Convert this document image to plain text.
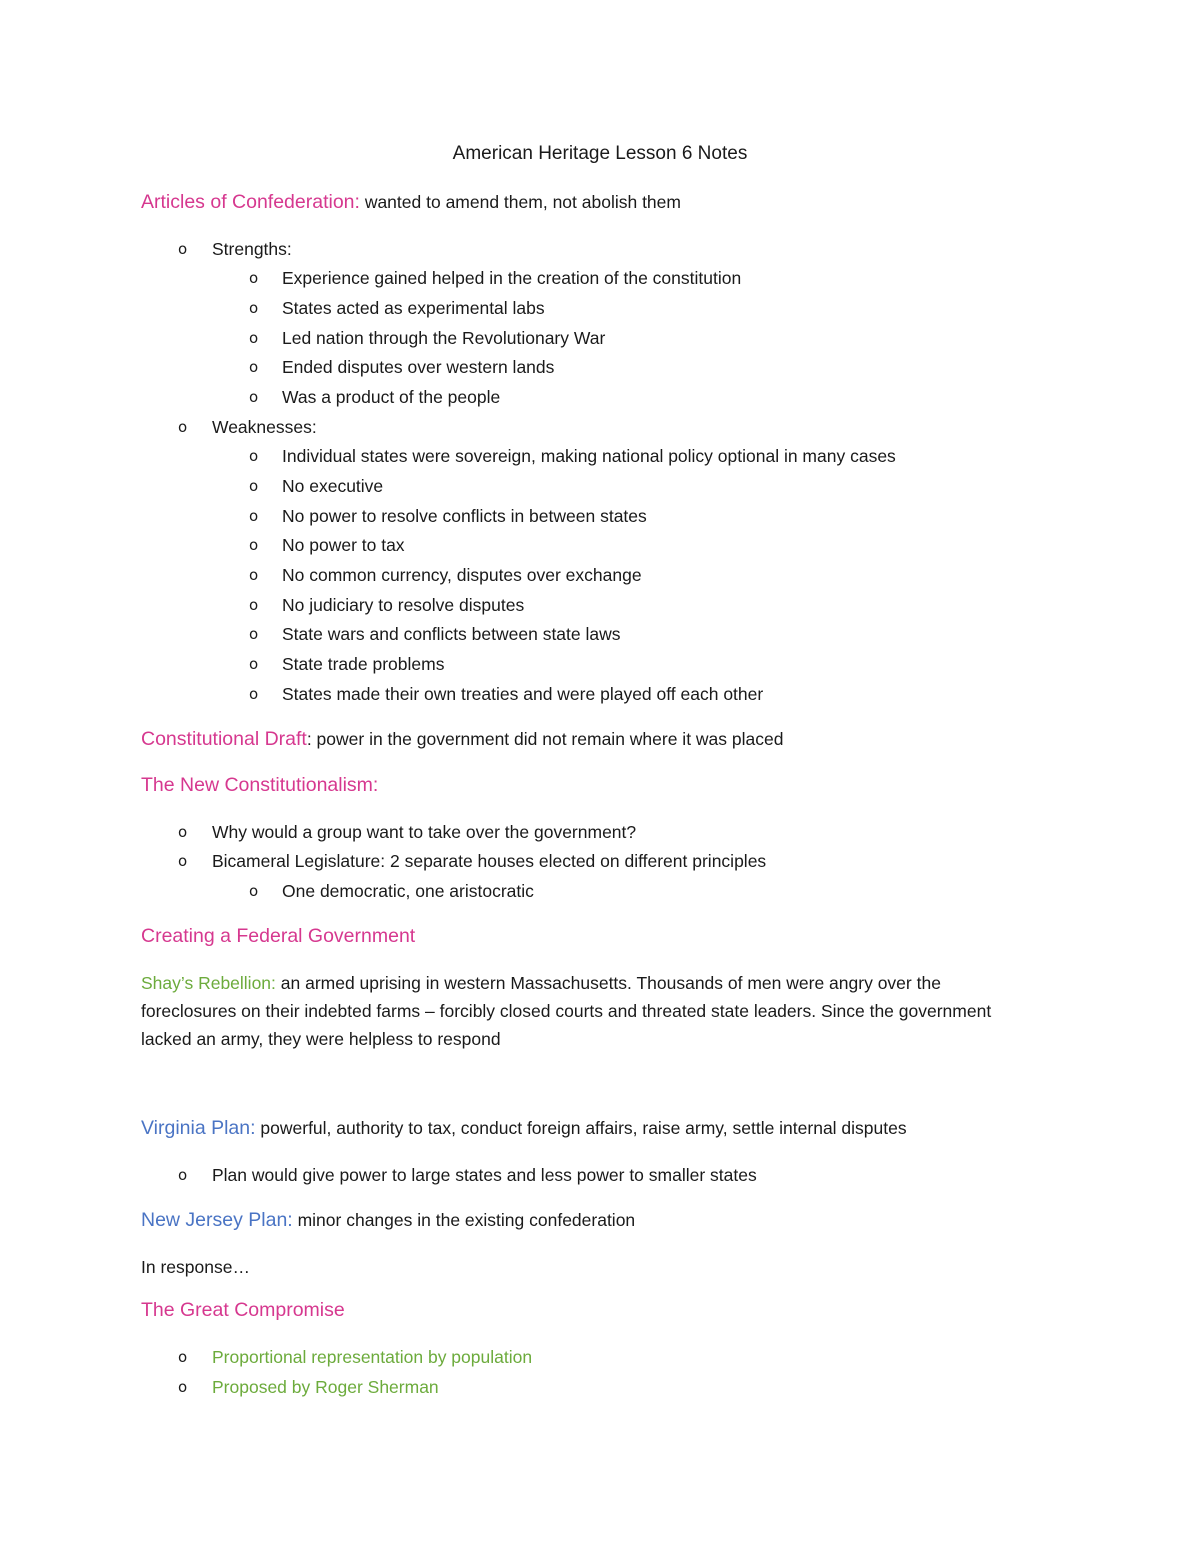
American Heritage Lesson 6 Notes
Articles of Confederation: wanted to amend them, not abolish them
o Strengths:
o Experience gained helped in the creation of the constitution
o States acted as experimental labs
o Led nation through the Revolutionary War
o Ended disputes over western lands
o Was a product of the people
o Weaknesses:
o Individual states were sovereign, making national policy optional in many cases
o No executive
o No power to resolve conflicts in between states
o No power to tax
o No common currency, disputes over exchange
o No judiciary to resolve disputes
o State wars and conflicts between state laws
o State trade problems
o States made their own treaties and were played off each other
Constitutional Draft: power in the government did not remain where it was placed
The New Constitutionalism:
o Why would a group want to take over the government?
o Bicameral Legislature: 2 separate houses elected on different principles
o One democratic, one aristocratic
Creating a Federal Government
Shay’s Rebellion: an armed uprising in western Massachusetts. Thousands of men were angry over the foreclosures on their indebted farms – forcibly closed courts and threated state leaders. Since the government lacked an army, they were helpless to respond
Virginia Plan: powerful, authority to tax, conduct foreign affairs, raise army, settle internal disputes
o Plan would give power to large states and less power to smaller states
New Jersey Plan: minor changes in the existing confederation
In response…
The Great Compromise
o Proportional representation by population
o Proposed by Roger Sherman
